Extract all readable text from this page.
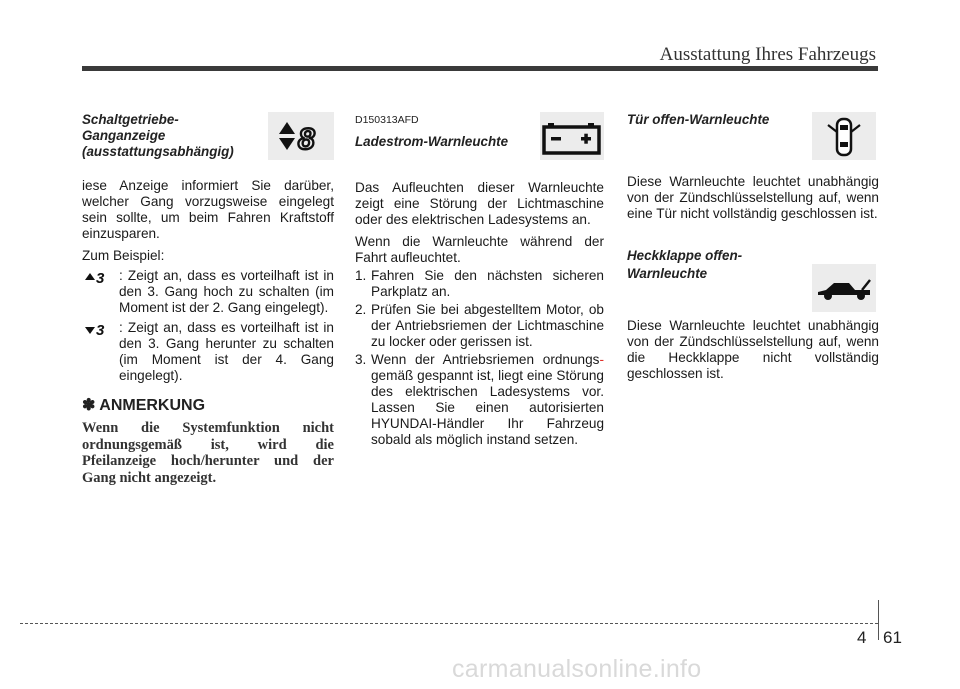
Ausstattung Ihres Fahrzeugs
8
Schaltgetriebe-
Ganganzeige
(ausstattungsabhängig)

iese Anzeige informiert Sie darüber, welcher Gang vorzugsweise eingelegt sein sollte, um beim Fahren Kraftstoff einzusparen.

Zum Beispiel:

3 : Zeigt an, dass es vorteilhaft ist in den 3. Gang hoch zu schalten (im Moment ist der 2. Gang eingelegt).
3 : Zeigt an, dass es vorteilhaft ist in den 3. Gang herunter zu schalten (im Moment ist der 4. Gang eingelegt).
✽ ANMERKUNG
Wenn die Systemfunktion nicht ordnungsgemäß ist, wird die Pfeilanzeige hoch/herunter und der Gang nicht angezeigt.
D150313AFD
Ladestrom-Warnleuchte

Das Aufleuchten dieser Warnleuchte zeigt eine Störung der Lichtmaschine oder des elektrischen Ladesystems an.

Wenn die Warnleuchte während der Fahrt aufleuchtet.

1. Fahren Sie den nächsten sicheren Parkplatz an.
2. Prüfen Sie bei abgestelltem Motor, ob der Antriebsriemen der Lichtmaschine zu locker oder gerissen ist.
3. Wenn der Antriebsriemen ordnungs- gemäß gespannt ist, liegt eine Störung des elektrischen Ladesystems vor. Lassen Sie einen autorisierten HYUNDAI-Händler Ihr Fahrzeug sobald als möglich instand setzen.
Tür offen-Warnleuchte

Diese Warnleuchte leuchtet unabhängig von der Zündschlüsselstellung auf, wenn eine Tür nicht vollständig geschlossen ist.

Heckklappe offen-
Warnleuchte

Diese Warnleuchte leuchtet unabhängig von der Zündschlüsselstellung auf, wenn die Heckklappe nicht vollständig geschlossen ist.

4 61
carmanualsonline.info
